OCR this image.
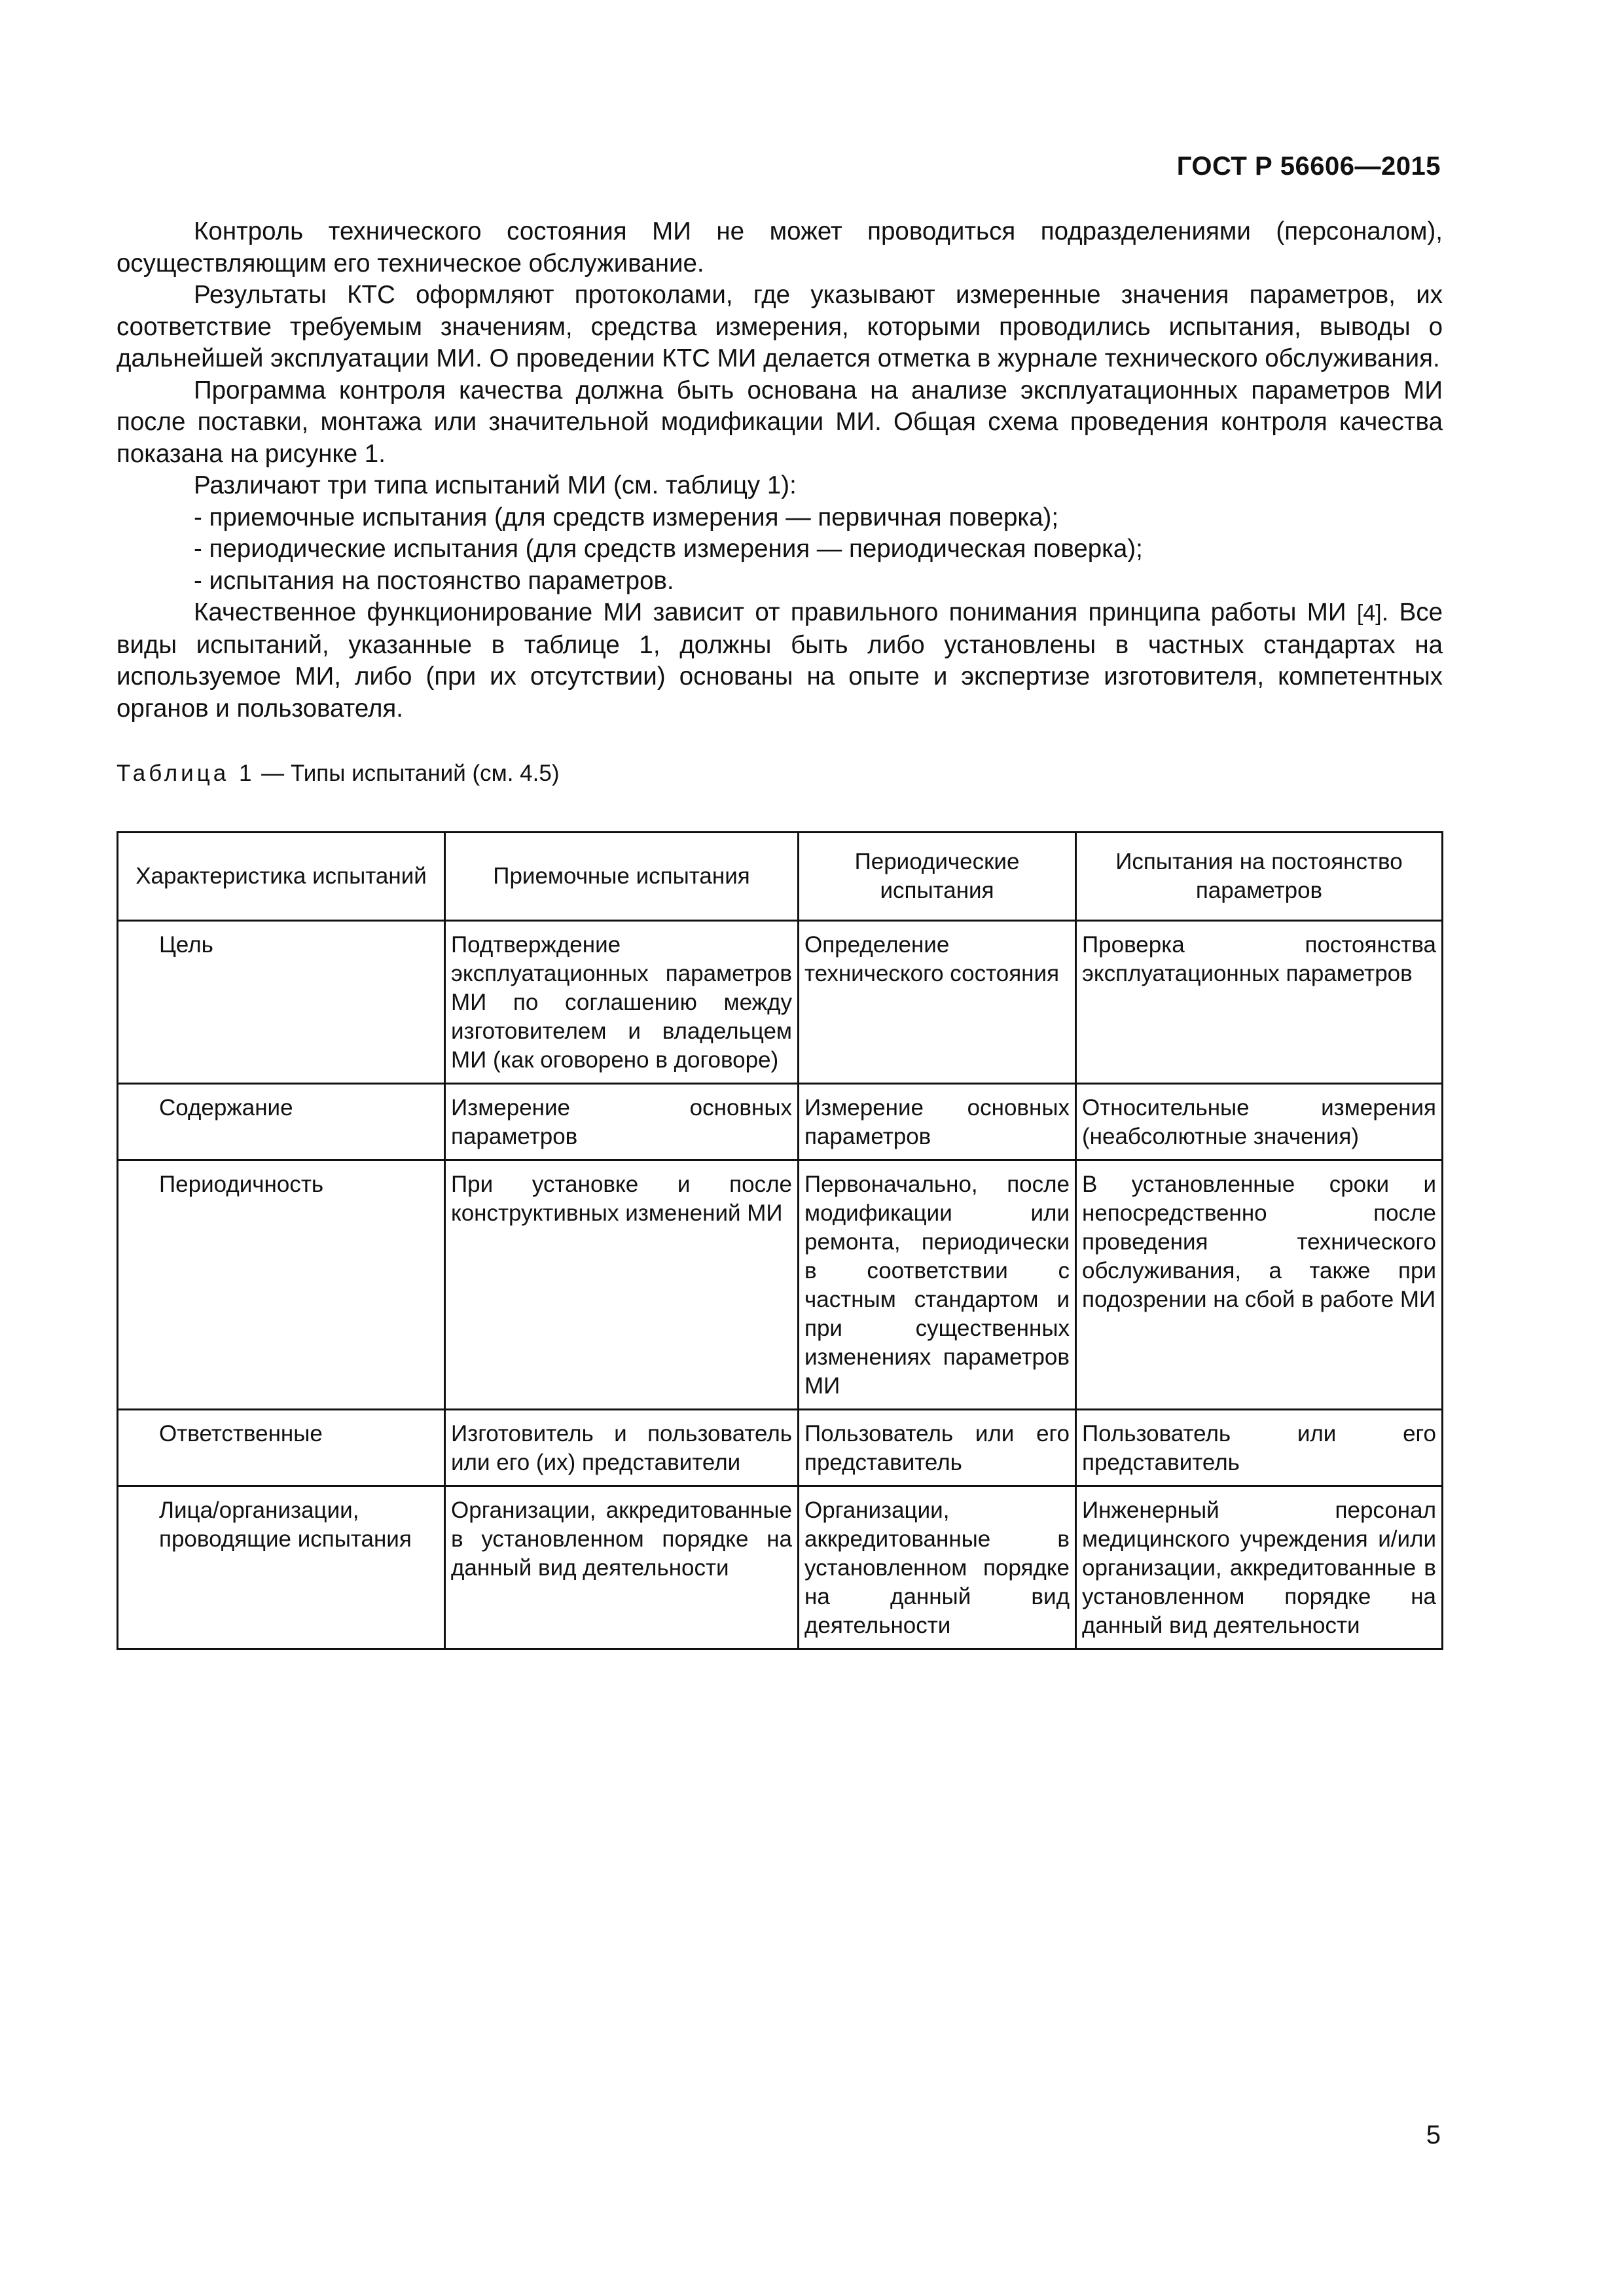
ГОСТ Р 56606—2015

Контроль технического состояния МИ не может проводиться подразделениями (персоналом), осуществляющим его техническое обслуживание.

Результаты КТС оформляют протоколами, где указывают измеренные значения параметров, их соответствие требуемым значениям, средства измерения, которыми проводились испытания, выводы о дальнейшей эксплуатации МИ. О проведении КТС МИ делается отметка в журнале технического обслуживания.

Программа контроля качества должна быть основана на анализе эксплуатационных параметров МИ после поставки, монтажа или значительной модификации МИ. Общая схема проведения контроля качества показана на рисунке 1.

Различают три типа испытаний МИ (см. таблицу 1):

- приемочные испытания (для средств измерения — первичная поверка);

- периодические испытания (для средств измерения — периодическая поверка);

- испытания на постоянство параметров.

Качественное функционирование МИ зависит от правильного понимания принципа работы МИ [4]. Все виды испытаний, указанные в таблице 1, должны быть либо установлены в частных стандартах на используемое МИ, либо (при их отсутствии) основаны на опыте и экспертизе изготовителя, компетентных органов и пользователя.

Таблица 1 — Типы испытаний (см. 4.5)
Характеристика испытаний	Приемочные испытания	Периодические испытания	Испытания на постоянство параметров
Цель	Подтверждение эксплуатационных параметров МИ по соглашению между изготовителем и владельцем МИ (как оговорено в договоре)	Определение технического состояния	Проверка постоянства эксплуатационных параметров
Содержание	Измерение основных параметров	Измерение основных параметров	Относительные измерения (неабсолютные значения)
Периодичность	При установке и после конструктивных изменений МИ	Первоначально, после модификации или ремонта, периодически в соответствии с частным стандартом и при существенных изменениях параметров МИ	В установленные сроки и непосредственно после проведения технического обслуживания, а также при подозрении на сбой в работе МИ
Ответственные	Изготовитель и пользователь или его (их) представители	Пользователь или его представитель	Пользователь или его представитель
Лица/организации, проводящие испытания	Организации, аккредитованные в установленном порядке на данный вид деятельности	Организации, аккредитованные в установленном порядке на данный вид деятельности	Инженерный персонал медицинского учреждения и/или организации, аккредитованные в установленном порядке на данный вид деятельности
5
